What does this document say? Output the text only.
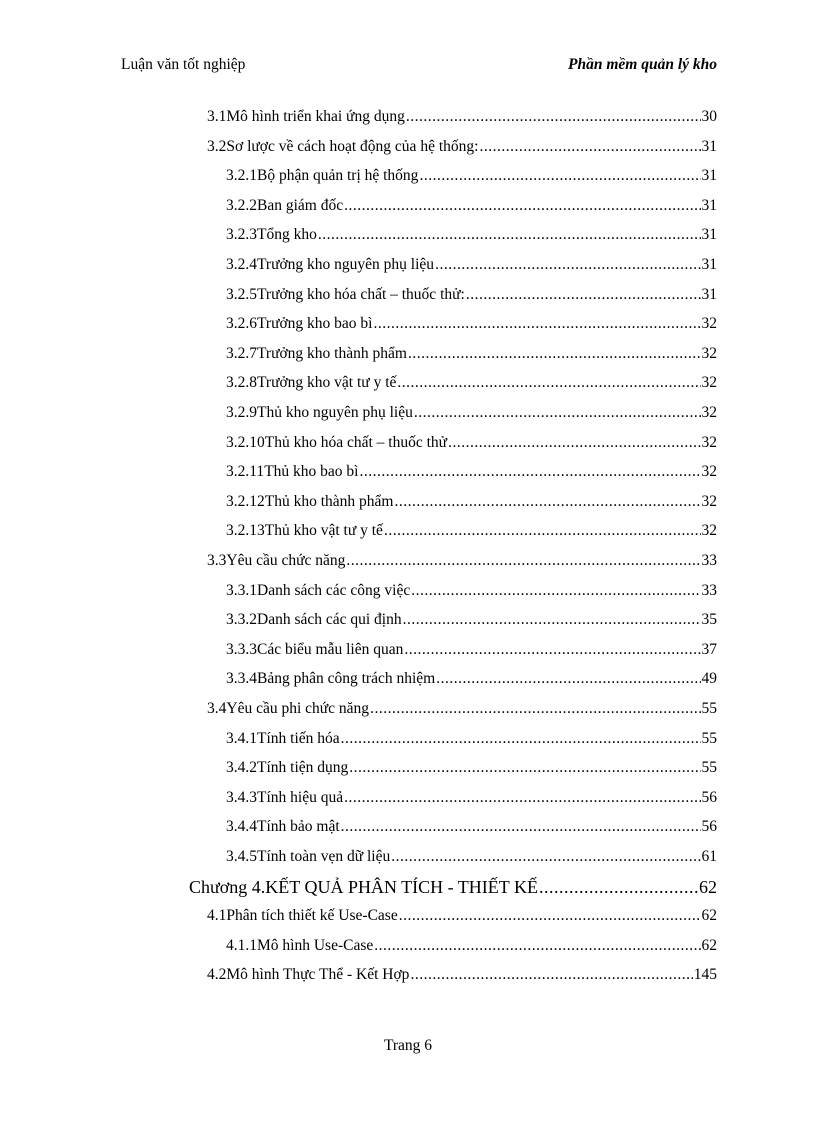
Luận văn tốt nghiệp	Phần mềm quản lý kho
3.1 Mô hình triển khai ứng dụng .....	30
3.2 Sơ lược về cách hoạt động của hệ thống: .....	31
3.2.1 Bộ phận quản trị hệ thống .....	31
3.2.2 Ban giám đốc .....	31
3.2.3 Tổng kho .....	31
3.2.4 Trưởng kho nguyên phụ liệu .....	31
3.2.5 Trưởng kho hóa chất – thuốc thử: .....	31
3.2.6 Trưởng kho bao bì .....	32
3.2.7 Trưởng kho thành phẩm .....	32
3.2.8 Trưởng kho vật tư y tế .....	32
3.2.9 Thủ kho nguyên phụ liệu .....	32
3.2.10 Thủ kho hóa chất – thuốc thử .....	32
3.2.11 Thủ kho bao bì .....	32
3.2.12 Thủ kho thành phẩm .....	32
3.2.13 Thủ kho vật tư y tế .....	32
3.3 Yêu cầu chức năng .....	33
3.3.1 Danh sách các công việc .....	33
3.3.2 Danh sách các qui định .....	35
3.3.3 Các biểu mẫu liên quan .....	37
3.3.4 Bảng phân công trách nhiệm .....	49
3.4 Yêu cầu phi chức năng .....	55
3.4.1 Tính tiến hóa .....	55
3.4.2 Tính tiện dụng .....	55
3.4.3 Tính hiệu quả .....	56
3.4.4 Tính bảo mật .....	56
3.4.5 Tính toàn vẹn dữ liệu .....	61
Chương 4. KẾT QUẢ PHÂN TÍCH - THIẾT KẾ .....	62
4.1 Phân tích thiết kế Use-Case .....	62
4.1.1 Mô hình Use-Case .....	62
4.2 Mô hình Thực Thể - Kết Hợp .....	145
Trang 6
